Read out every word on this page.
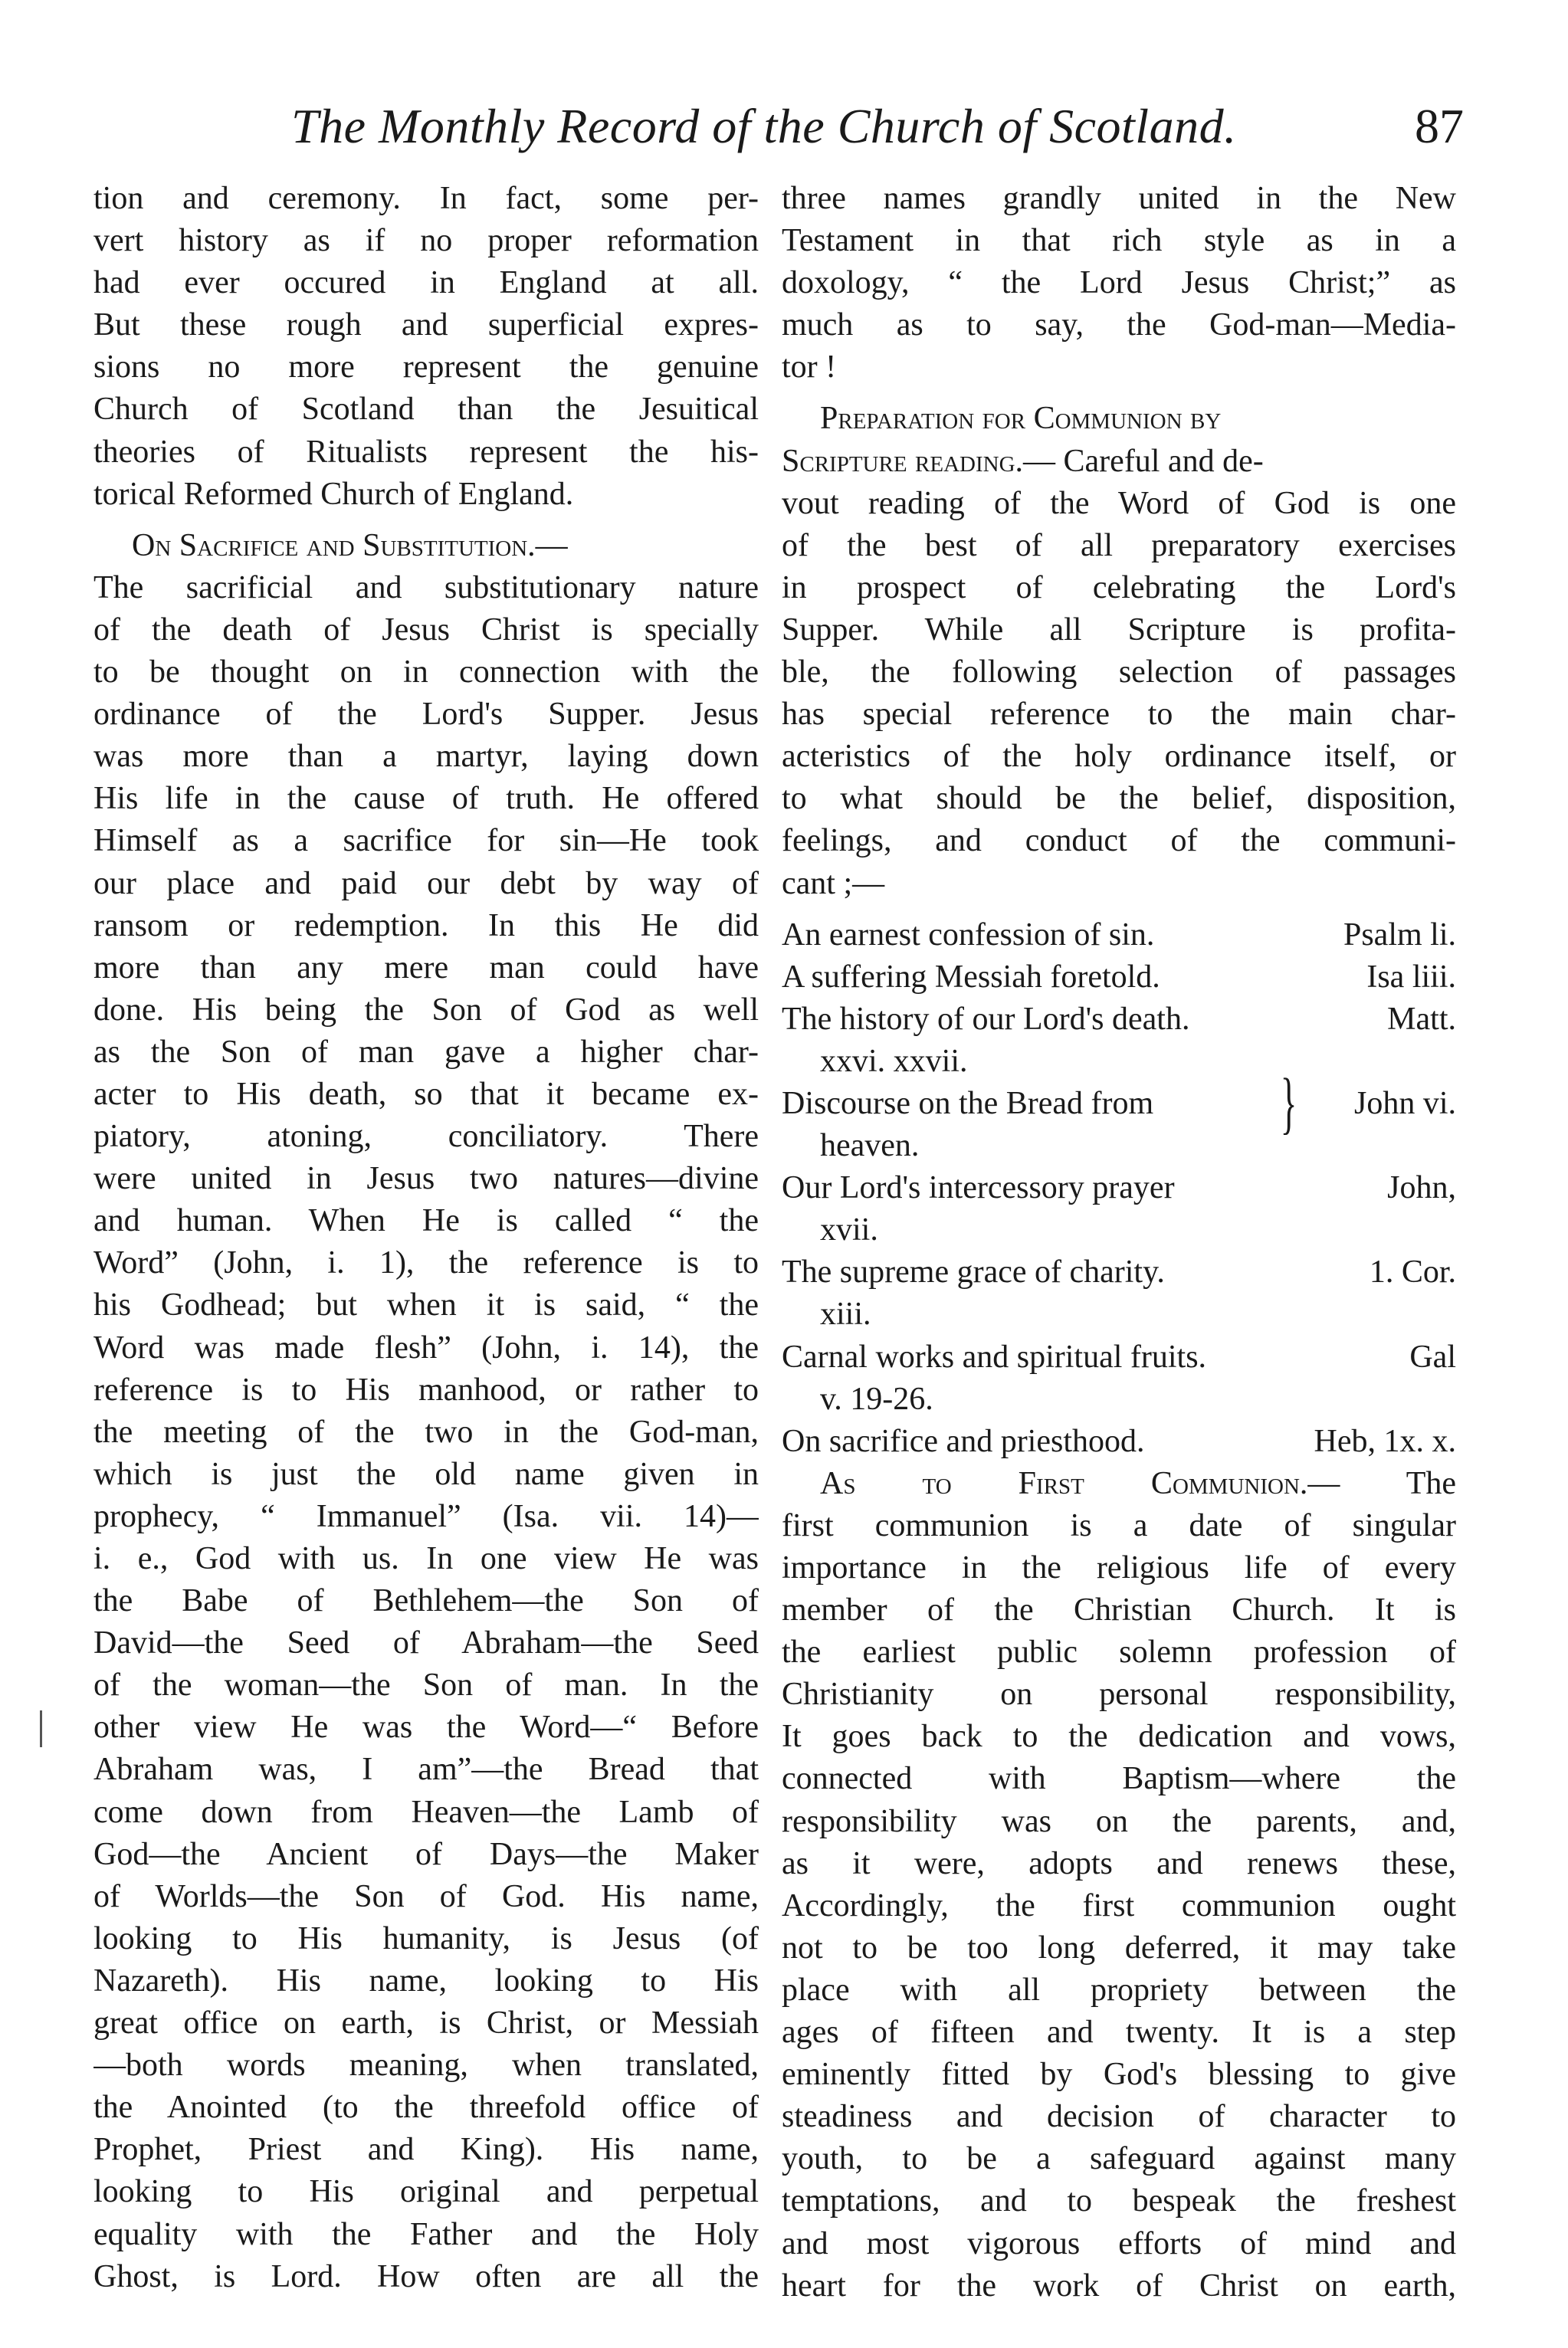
The Monthly Record of the Church of Scotland.	87
tion and ceremony. In fact, some per-
vert history as if no proper reformation
had ever occured in England at all.
But these rough and superficial expres-
sions no more represent the genuine
Church of Scotland than the Jesuitical
theories of Ritualists represent the his-
torical Reformed Church of England.
On Sacrifice and Substitution.—
The sacrificial and substitutionary nature
of the death of Jesus Christ is specially
to be thought on in connection with the
ordinance of the Lord's Supper. Jesus
was more than a martyr, laying down
His life in the cause of truth. He offered
Himself as a sacrifice for sin—He took
our place and paid our debt by way of
ransom or redemption. In this He did
more than any mere man could have
done. His being the Son of God as well
as the Son of man gave a higher char-
acter to His death, so that it became ex-
piatory, atoning, conciliatory. There
were united in Jesus two natures—divine
and human. When He is called “ the
Word” (John, i. 1), the reference is to
his Godhead; but when it is said, “ the
Word was made flesh” (John, i. 14), the
reference is to His manhood, or rather to
the meeting of the two in the God-man,
which is just the old name given in
prophecy, “ Immanuel” (Isa. vii. 14)—
i. e., God with us. In one view He was
the Babe of Bethlehem—the Son of
David—the Seed of Abraham—the Seed
of the woman—the Son of man. In the
other view He was the Word—“ Before
Abraham was, I am”—the Bread that
come down from Heaven—the Lamb of
God—the Ancient of Days—the Maker
of Worlds—the Son of God. His name,
looking to His humanity, is Jesus (of
Nazareth). His name, looking to His
great office on earth, is Christ, or Messiah
—both words meaning, when translated,
the Anointed (to the threefold office of
Prophet, Priest and King). His name,
looking to His original and perpetual
equality with the Father and the Holy
Ghost, is Lord. How often are all the
three names grandly united in the New
Testament in that rich style as in a
doxology, “ the Lord Jesus Christ;” as
much as to say, the God-man—Media-
tor !
Preparation for Communion by
Scripture reading.— Careful and de-
vout reading of the Word of God is one
of the best of all preparatory exercises
in prospect of celebrating the Lord's
Supper. While all Scripture is profita-
ble, the following selection of passages
has special reference to the main char-
acteristics of the holy ordinance itself, or
to what should be the belief, disposition,
feelings, and conduct of the communi-
cant ;—
An earnest confession of sin.	Psalm li.
A suffering Messiah foretold.	Isa liii.
The history of our Lord's death.	Matt.
xxvi. xxvii.
Discourse on the Bread from	John vi.
heaven.
}
Our Lord's intercessory prayer	John,
xvii.
The supreme grace of charity.	1. Cor.
xiii.
Carnal works and spiritual fruits.	Gal
v. 19-26.
On sacrifice and priesthood.	Heb, 1x. x.
As to First Communion.— The
first communion is a date of singular
importance in the religious life of every
member of the Christian Church. It is
the earliest public solemn profession of
Christianity on personal responsibility,
It goes back to the dedication and vows,
connected with Baptism—where the
responsibility was on the parents, and,
as it were, adopts and renews these,
Accordingly, the first communion ought
not to be too long deferred, it may take
place with all propriety between the
ages of fifteen and twenty. It is a step
eminently fitted by God's blessing to give
steadiness and decision of character to
youth, to be a safeguard against many
temptations, and to bespeak the freshest
and most vigorous efforts of mind and
heart for the work of Christ on earth,
